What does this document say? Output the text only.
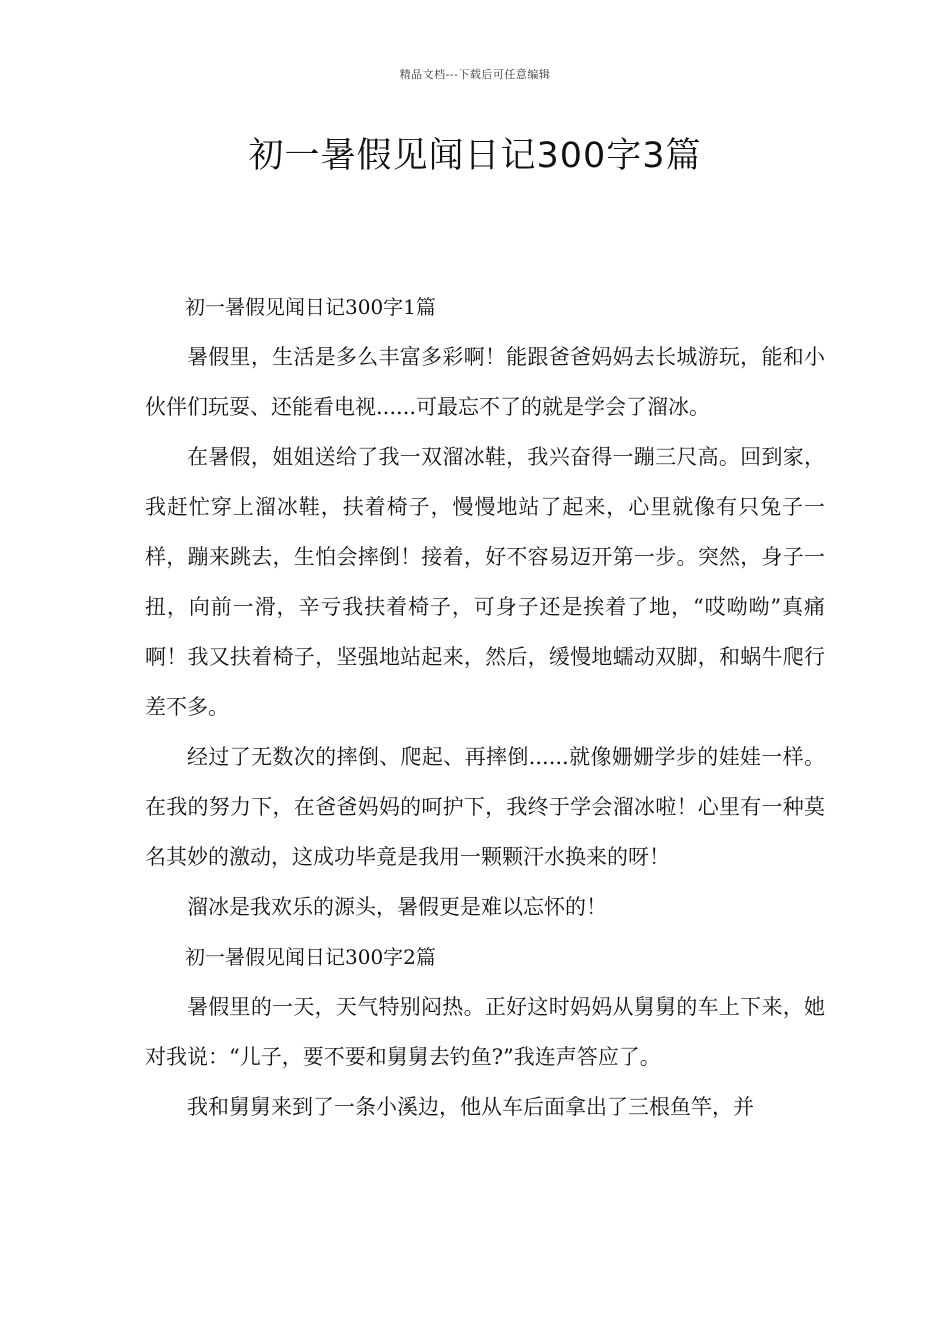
精品文档---下载后可任意编辑
初一暑假见闻日记300字3篇

初一暑假见闻日记300字1篇

暑假里，生活是多么丰富多彩啊！能跟爸爸妈妈去长城游玩，能和小伙伴们玩耍、还能看电视......可最忘不了的就是学会了溜冰。

在暑假，姐姐送给了我一双溜冰鞋，我兴奋得一蹦三尺高。回到家，我赶忙穿上溜冰鞋，扶着椅子，慢慢地站了起来，心里就像有只兔子一样，蹦来跳去，生怕会摔倒！接着，好不容易迈开第一步。突然，身子一扭，向前一滑，辛亏我扶着椅子，可身子还是挨着了地，“哎呦呦”真痛啊！我又扶着椅子，坚强地站起来，然后，缓慢地蠕动双脚，和蜗牛爬行差不多。

经过了无数次的摔倒、爬起、再摔倒......就像姗姗学步的娃娃一样。在我的努力下，在爸爸妈妈的呵护下，我终于学会溜冰啦！心里有一种莫名其妙的激动，这成功毕竟是我用一颗颗汗水换来的呀！

溜冰是我欢乐的源头，暑假更是难以忘怀的！

初一暑假见闻日记300字2篇

暑假里的一天，天气特别闷热。正好这时妈妈从舅舅的车上下来，她对我说：“儿子，要不要和舅舅去钓鱼?”我连声答应了。

我和舅舅来到了一条小溪边，他从车后面拿出了三根鱼竿，并
